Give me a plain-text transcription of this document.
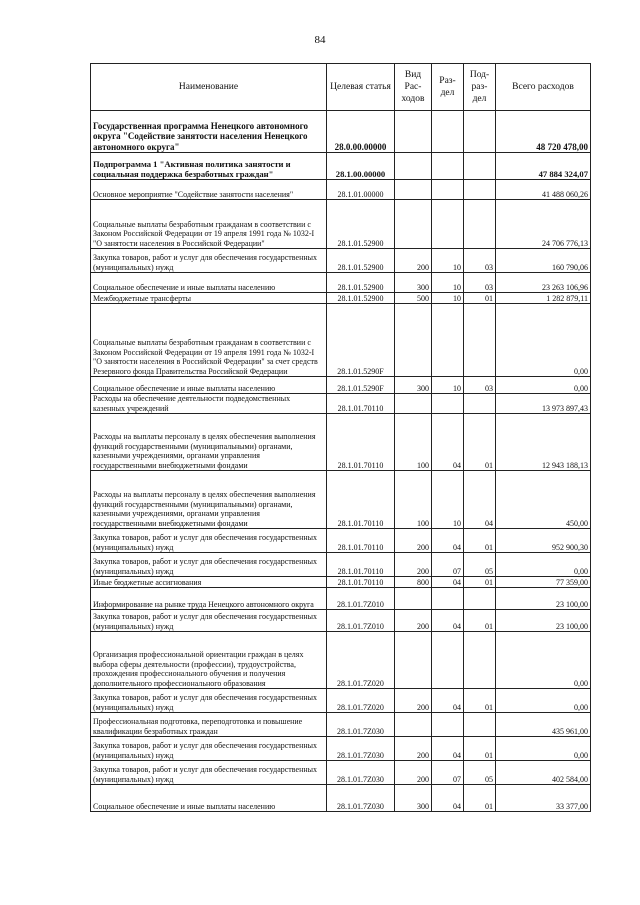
84
Наименование	Целевая статья	Вид Рас-ходов	Раз-дел	Под-раз-дел	Всего расходов
Государственная программа Ненецкого автономного округа "Содействие занятости населения Ненецкого автономного округа"	28.0.00.00000				48 720 478,00
Подпрограмма 1 "Активная политика занятости и социальная поддержка безработных граждан"	28.1.00.00000				47 884 324,07
Основное мероприятие "Содействие занятости населения"	28.1.01.00000				41 488 060,26
Социальные выплаты безработным гражданам в соответствии с Законом Российской Федерации от 19 апреля 1991 года № 1032-I "О занятости населения в Российской Федерации"	28.1.01.52900				24 706 776,13
Закупка товаров, работ и услуг для обеспечения государственных (муниципальных) нужд	28.1.01.52900	200	10	03	160 790,06
Социальное обеспечение и иные выплаты населению	28.1.01.52900	300	10	03	23 263 106,96
Межбюджетные трансферты	28.1.01.52900	500	10	01	1 282 879,11
Социальные выплаты безработным гражданам в соответствии с Законом Российской Федерации от 19 апреля 1991 года № 1032-I "О занятости населения в Российской Федерации" за счет средств Резервного фонда Правительства Российской Федерации	28.1.01.5290F				0,00
Социальное обеспечение и иные выплаты населению	28.1.01.5290F	300	10	03	0,00
Расходы на обеспечение деятельности подведомственных казенных учреждений	28.1.01.70110				13 973 897,43
Расходы на выплаты персоналу в целях обеспечения выполнения функций государственными (муниципальными) органами, казенными учреждениями, органами управления государственными внебюджетными фондами	28.1.01.70110	100	04	01	12 943 188,13
Расходы на выплаты персоналу в целях обеспечения выполнения функций государственными (муниципальными) органами, казенными учреждениями, органами управления государственными внебюджетными фондами	28.1.01.70110	100	10	04	450,00
Закупка товаров, работ и услуг для обеспечения государственных (муниципальных) нужд	28.1.01.70110	200	04	01	952 900,30
Закупка товаров, работ и услуг для обеспечения государственных (муниципальных) нужд	28.1.01.70110	200	07	05	0,00
Иные бюджетные ассигнования	28.1.01.70110	800	04	01	77 359,00
Информирование на рынке труда Ненецкого автономного округа	28.1.01.7Z010				23 100,00
Закупка товаров, работ и услуг для обеспечения государственных (муниципальных) нужд	28.1.01.7Z010	200	04	01	23 100,00
Организация профессиональной ориентации граждан в целях выбора сферы деятельности (профессии), трудоустройства, прохождения профессионального обучения и получения дополнительного профессионального образования	28.1.01.7Z020				0,00
Закупка товаров, работ и услуг для обеспечения государственных (муниципальных) нужд	28.1.01.7Z020	200	04	01	0,00
Профессиональная подготовка, переподготовка и повышение квалификации безработных граждан	28.1.01.7Z030				435 961,00
Закупка товаров, работ и услуг для обеспечения государственных (муниципальных) нужд	28.1.01.7Z030	200	04	01	0,00
Закупка товаров, работ и услуг для обеспечения государственных (муниципальных) нужд	28.1.01.7Z030	200	07	05	402 584,00
Социальное обеспечение и иные выплаты населению	28.1.01.7Z030	300	04	01	33 377,00
